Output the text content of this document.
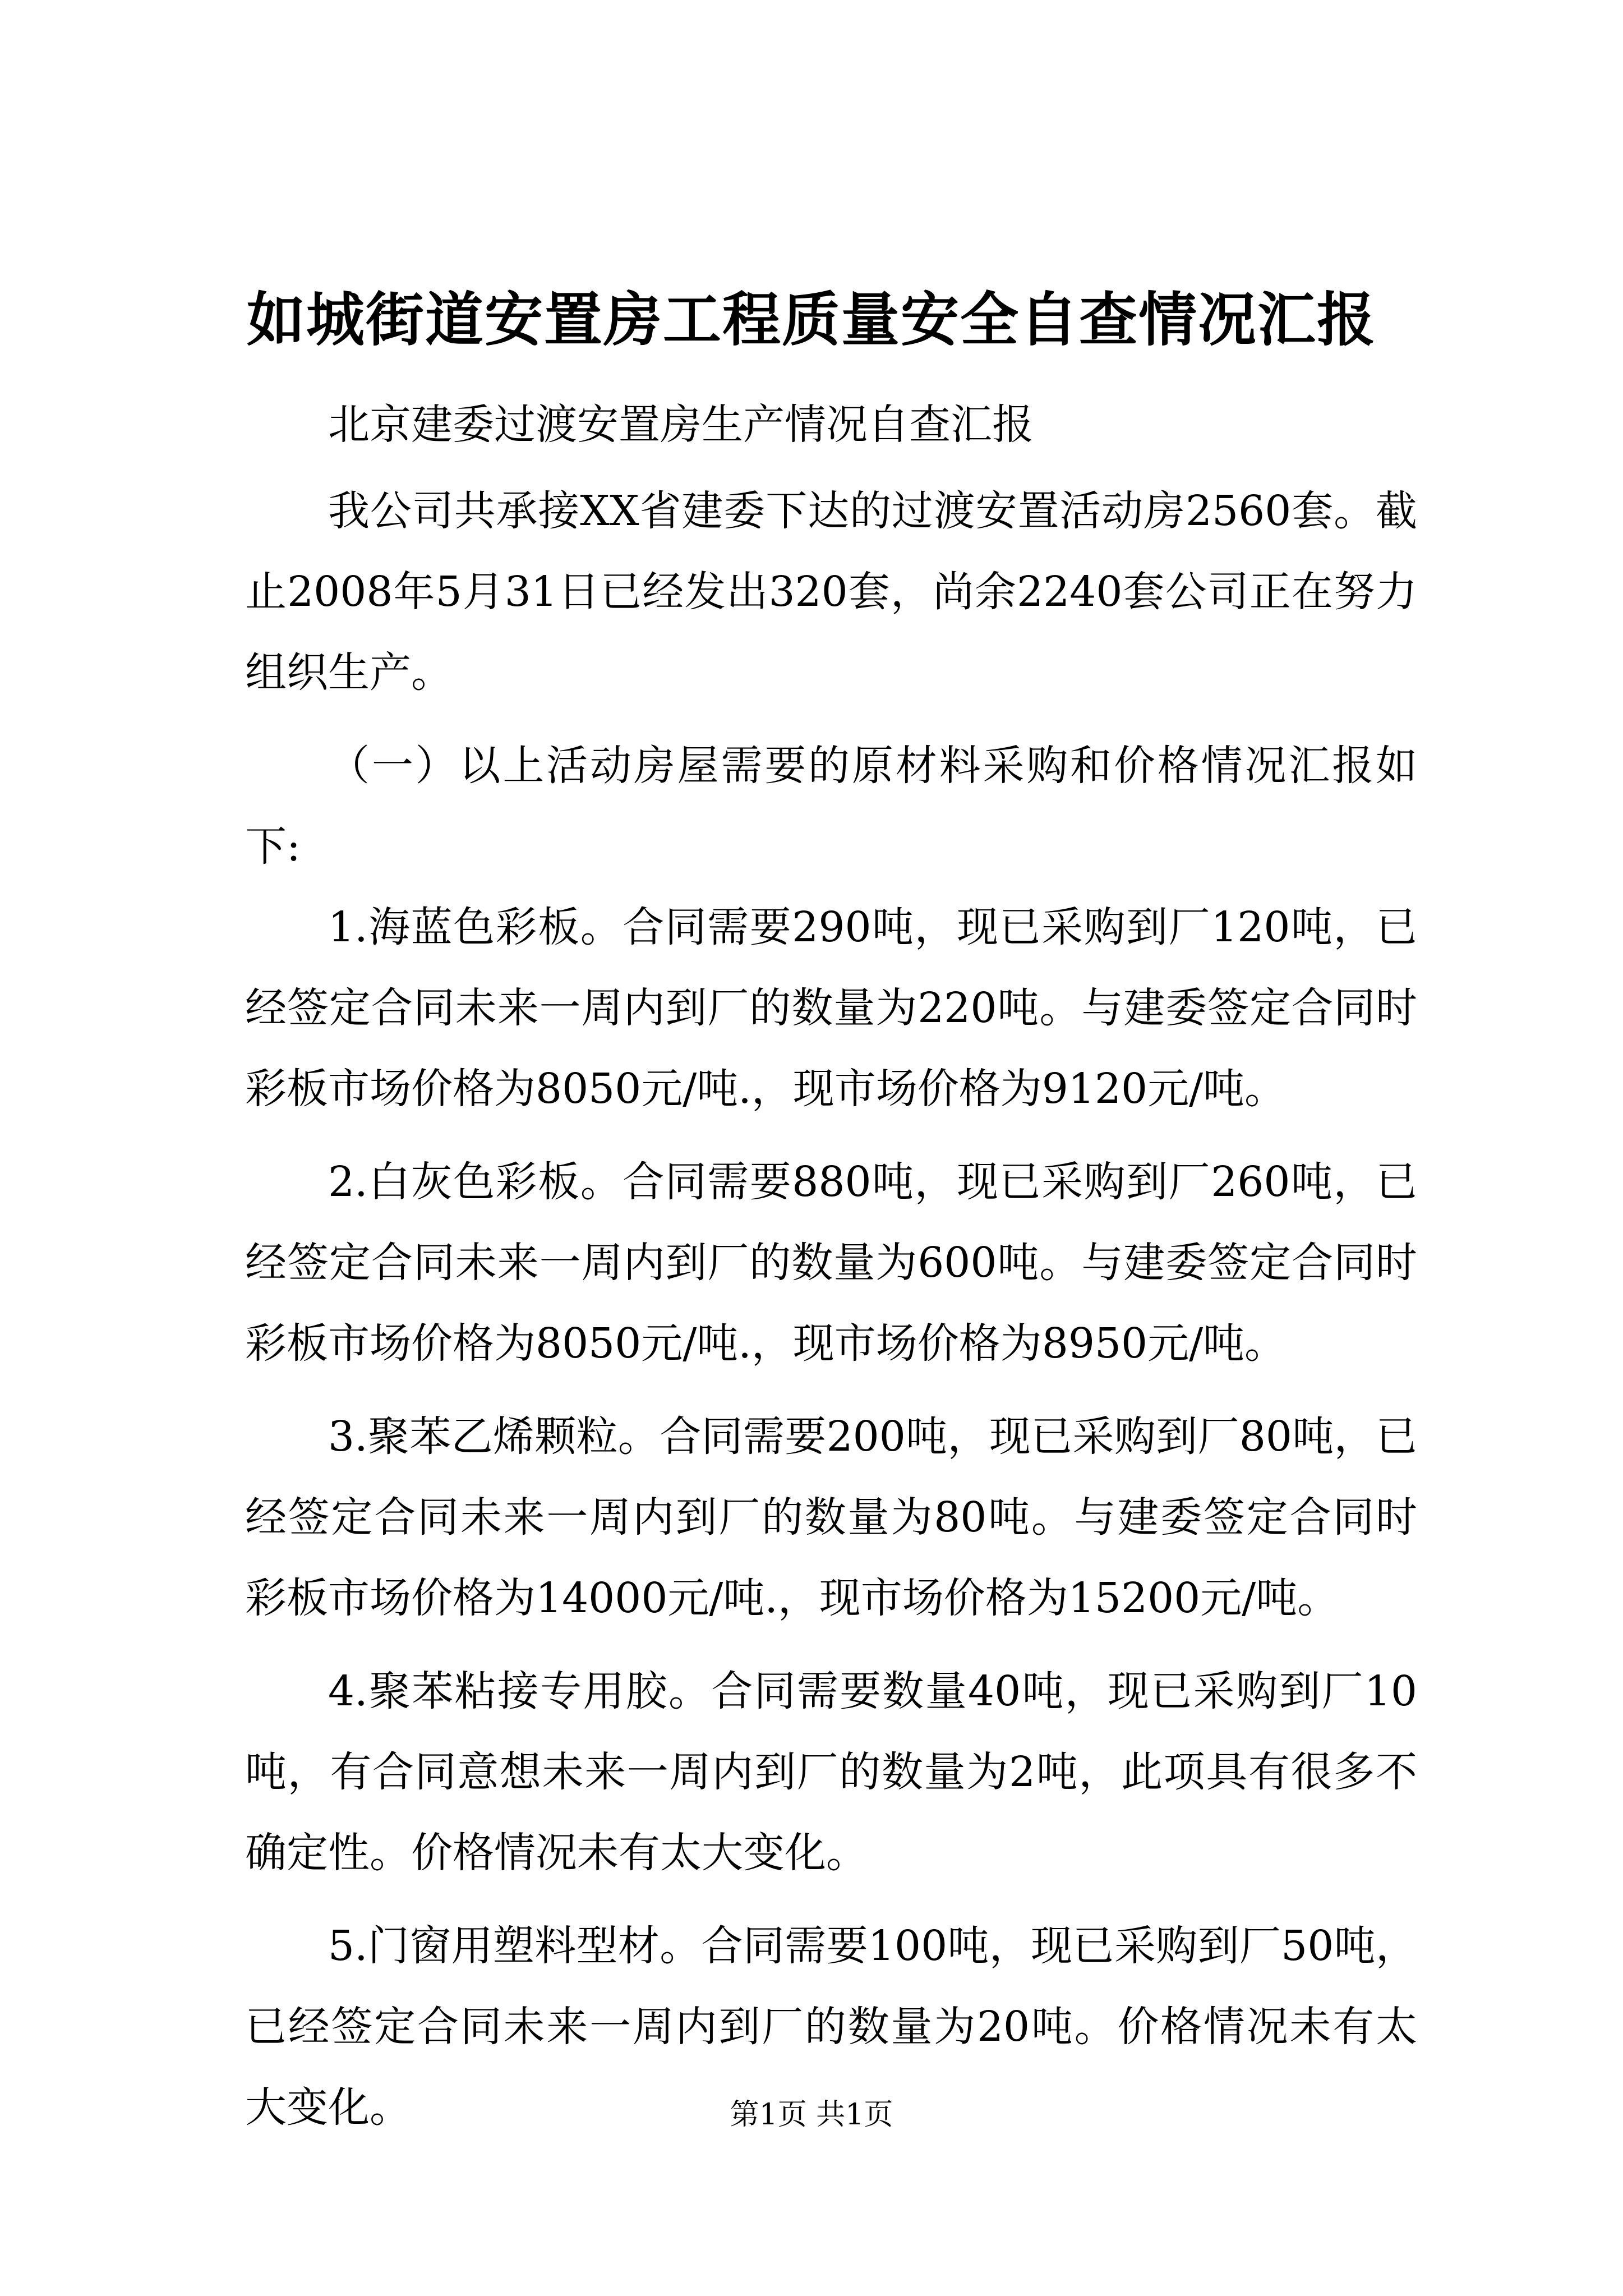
如城街道安置房工程质量安全自查情况汇报

北京建委过渡安置房生产情况自查汇报

我公司共承接XX省建委下达的过渡安置活动房2560套。截止2008年5月31日已经发出320套，尚余2240套公司正在努力组织生产。

（一）以上活动房屋需要的原材料采购和价格情况汇报如下:

1.海蓝色彩板。合同需要290吨，现已采购到厂120吨，已经签定合同未来一周内到厂的数量为220吨。与建委签定合同时彩板市场价格为8050元/吨.，现市场价格为9120元/吨。

2.白灰色彩板。合同需要880吨，现已采购到厂260吨，已经签定合同未来一周内到厂的数量为600吨。与建委签定合同时彩板市场价格为8050元/吨.，现市场价格为8950元/吨。

3.聚苯乙烯颗粒。合同需要200吨，现已采购到厂80吨，已经签定合同未来一周内到厂的数量为80吨。与建委签定合同时彩板市场价格为14000元/吨.，现市场价格为15200元/吨。

4.聚苯粘接专用胶。合同需要数量40吨，现已采购到厂10吨，有合同意想未来一周内到厂的数量为2吨，此项具有很多不确定性。价格情况未有太大变化。

5.门窗用塑料型材。合同需要100吨，现已采购到厂50吨，已经签定合同未来一周内到厂的数量为20吨。价格情况未有太大变化。	第1页 共1页
